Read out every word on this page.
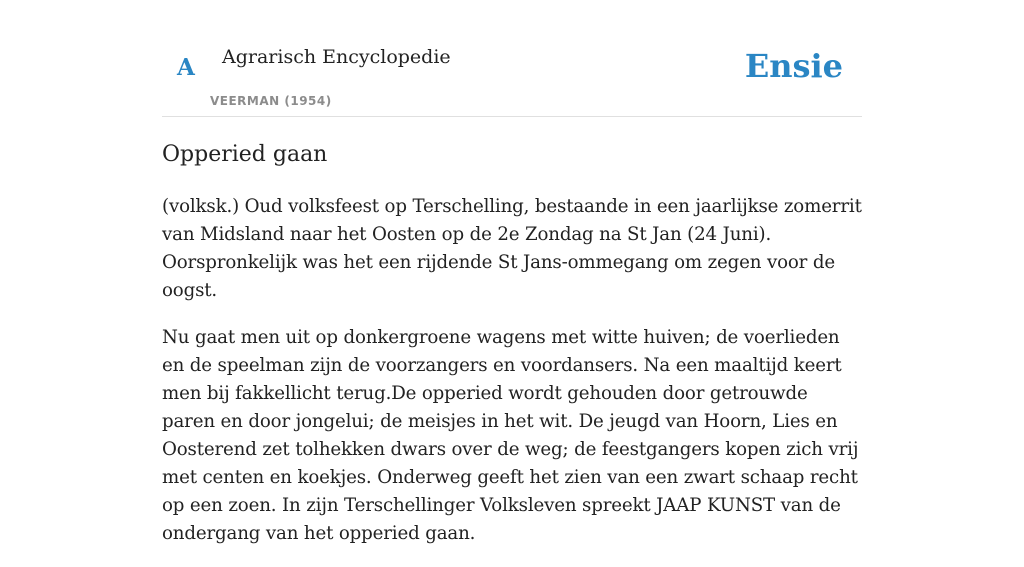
A Agrarisch Encyclopedie
VEERMAN (1954)
Ensie
Opperied gaan

(volksk.) Oud volksfeest op Terschelling, bestaande in een jaarlijkse zomerrit van Midsland naar het Oosten op de 2e Zondag na St Jan (24 Juni). Oorspronkelijk was het een rijdende St Jans-ommegang om zegen voor de oogst.

Nu gaat men uit op donkergroene wagens met witte huiven; de voerlieden en de speelman zijn de voorzangers en voordansers. Na een maaltijd keert men bij fakkellicht terug.De opperied wordt gehouden door getrouwde paren en door jongelui; de meisjes in het wit. De jeugd van Hoorn, Lies en Oosterend zet tolhekken dwars over de weg; de feestgangers kopen zich vrij met centen en koekjes. Onderweg geeft het zien van een zwart schaap recht op een zoen. In zijn Terschellinger Volksleven spreekt JAAP KUNST van de ondergang van het opperied gaan.
